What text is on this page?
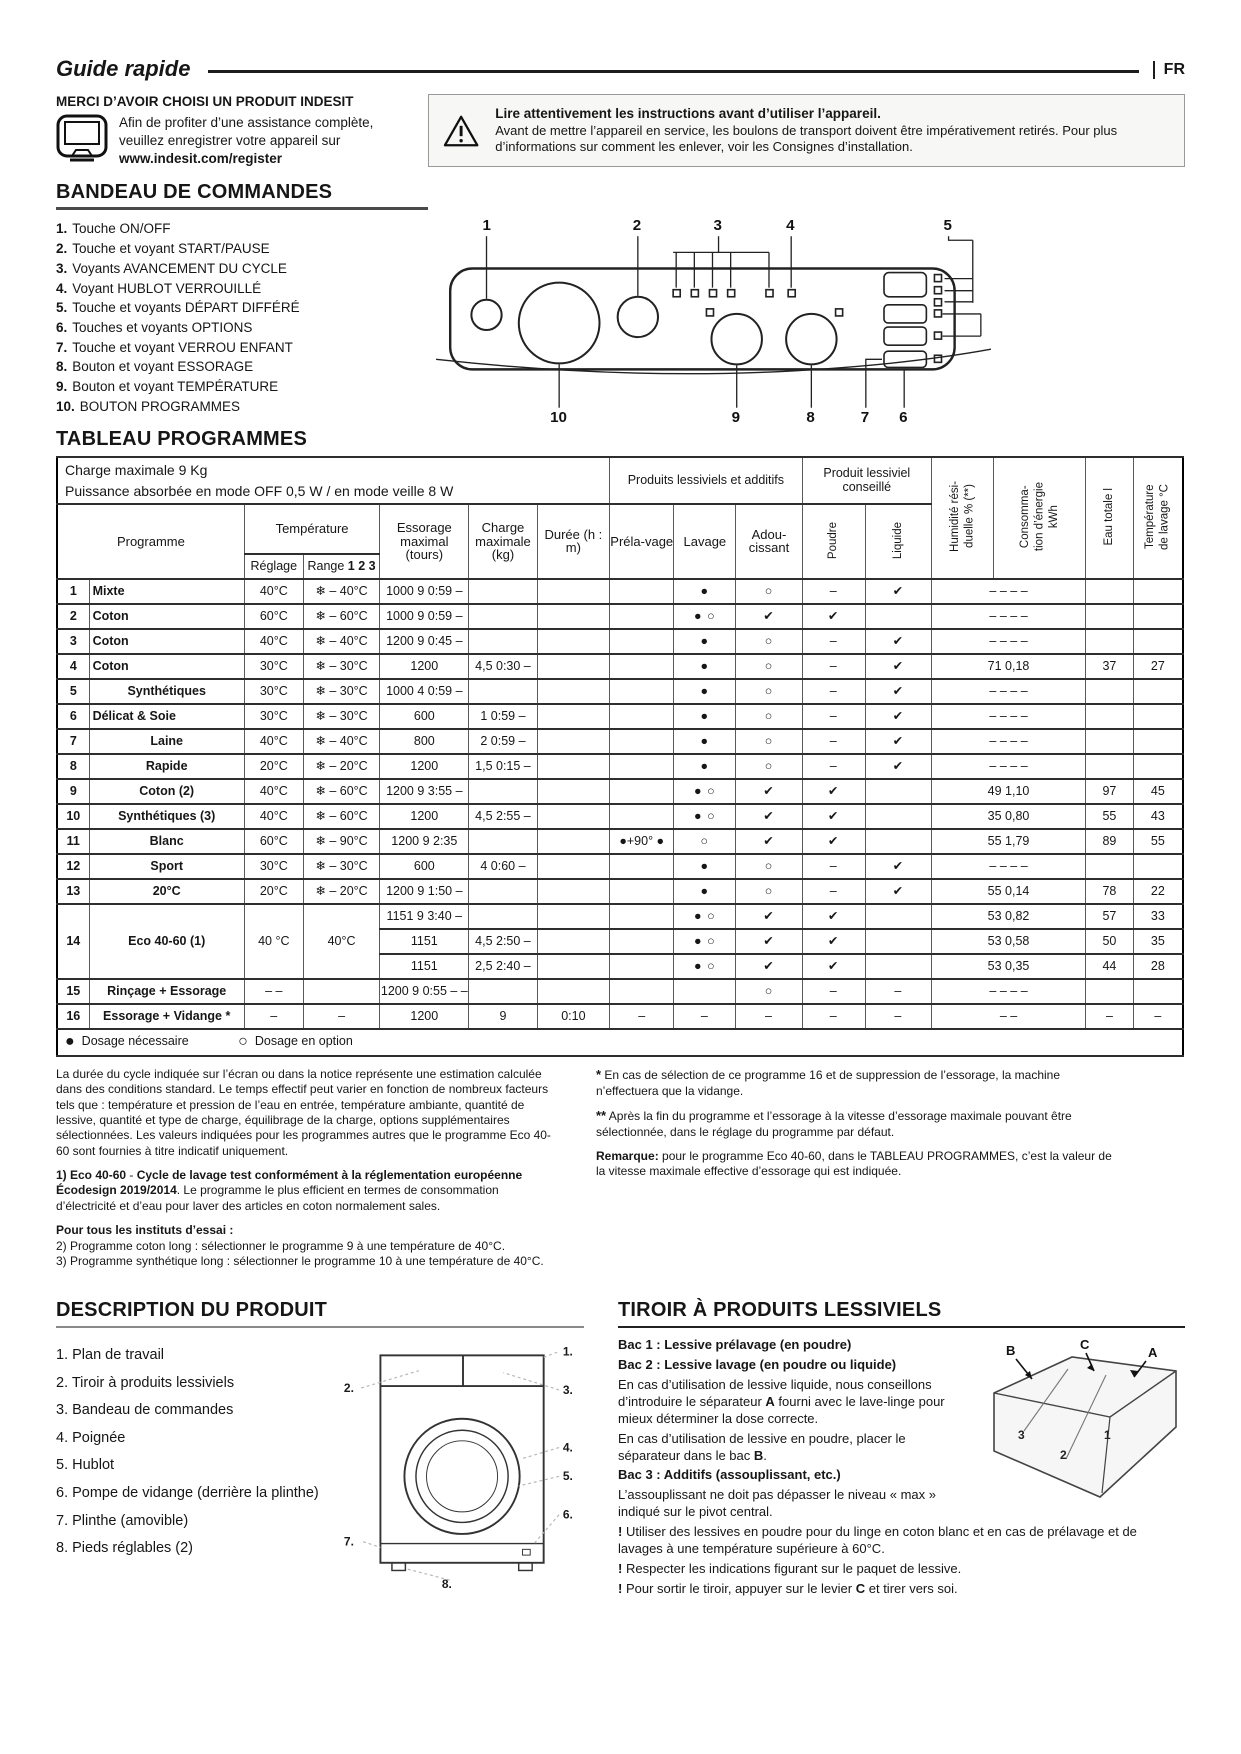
Guide rapide	FR
MERCI D’AVOIR CHOISI UN PRODUIT INDESIT
Afin de profiter d’une assistance complète,
veuillez enregistrer votre appareil sur
www.indesit.com/register
Lire attentivement les instructions avant d’utiliser l’appareil.
Avant de mettre l’appareil en service, les boulons de transport doivent être impérativement retirés. Pour plus d’informations sur comment les enlever, voir les Consignes d’installation.
BANDEAU DE COMMANDES
1. Touche ON/OFF
2. Touche et voyant START/PAUSE
3. Voyants AVANCEMENT DU CYCLE
4. Voyant HUBLOT VERROUILLÉ
5. Touche et voyants DÉPART DIFFÉRÉ
6. Touches et voyants OPTIONS
7. Touche et voyant VERROU ENFANT
8. Bouton et voyant ESSORAGE
9. Bouton et voyant TEMPÉRATURE
10. BOUTON PROGRAMMES
1	2	3	4	5
10	9	8	7 6
TABLEAU PROGRAMMES
Charge maximale 9 Kg
Puissance absorbée en mode OFF 0,5 W / en mode veille 8 W
	Produits lessiviels et additifs	Produit lessiviel conseillé	Humidité rési- duelle % (**)	Consomma- tion d’énergie kWh	Eau totale l	Température de lavage °C

Programme		Température		Essorage maximal (tours)	Charge maximale (kg)	Durée (h : m)	Préla-vage	Lavage	Adou-cissant	Poudre	Liquide				

		Réglage	Range 1 2 3												
1	Mixte	40°C	❄ – 40°C	1000 9 0:59 –				●	○	–	✔	– – – –			
2	Coton	60°C	❄ – 60°C	1000 9 0:59 –				● ○	✔	✔		– – – –			
3	Coton	40°C	❄ – 40°C	1200 9 0:45 –				●	○	–	✔	– – – –			
4	Coton	30°C	❄ – 30°C	1200	4,5 0:30 –			●	○	–	✔	71 0,18		37	27
5	Synthétiques	30°C	❄ – 30°C	1000 4 0:59 –				●	○	–	✔	– – – –			
6	Délicat & Soie	30°C	❄ – 30°C	600	1 0:59 –			●	○	–	✔	– – – –			
7	Laine	40°C	❄ – 40°C	800	2 0:59 –			●	○	–	✔	– – – –			
8	Rapide	20°C	❄ – 20°C	1200	1,5 0:15 –			●	○	–	✔	– – – –			
9	Coton (2)	40°C	❄ – 60°C	1200 9 3:55 –				● ○	✔	✔		49 1,10		97	45
10	Synthétiques (3)	40°C	❄ – 60°C	1200	4,5 2:55 –			● ○	✔	✔		35 0,80		55	43
11	Blanc	60°C	❄ – 90°C	1200 9 2:35			●+90° ●	○	✔	✔		55 1,79		89	55
12	Sport	30°C	❄ – 30°C	600	4 0:60 –			●	○	–	✔	– – – –			
13	20°C	20°C	❄ – 20°C	1200 9 1:50 –				●	○	–	✔	55 0,14		78	22
14	Eco 40-60 (1)	40 °C	40°C	1151 9 3:40 –				● ○	✔	✔		53 0,82		57	33
				1151	4,5 2:50 –			● ○	✔	✔		53 0,58		50	35
				1151	2,5 2:40 –			● ○	✔	✔		53 0,35		44	28
15	Rinçage + Essorage	– –		1200 9 0:55 – –					○	–	–	– – – –			
16	Essorage + Vidange *	–	–	1200	9	0:10	–	–	–	–	–	– –		–	–
● Dosage nécessaire ○ Dosage en option															

La durée du cycle indiquée sur l’écran ou dans la notice représente une estimation calculée dans des conditions standard. Le temps effectif peut varier en fonction de nombreux facteurs tels que : température et pression de l’eau en entrée, température ambiante, quantité de lessive, quantité et type de charge, équilibrage de la charge, options supplémentaires sélectionnées. Les valeurs indiquées pour les programmes autres que le programme Eco 40-60 sont fournies à titre indicatif uniquement.

1) Eco 40-60 - Cycle de lavage test conformément à la réglementation européenne Écodesign 2019/2014. Le programme le plus efficient en termes de consommation d’électricité et d’eau pour laver des articles en coton normalement sales.

Pour tous les instituts d’essai :

2) Programme coton long : sélectionner le programme 9 à une température de 40°C.

3) Programme synthétique long : sélectionner le programme 10 à une température de 40°C.

* En cas de sélection de ce programme 16 et de suppression de l’essorage, la machine n’effectuera que la vidange.

** Après la fin du programme et l’essorage à la vitesse d’essorage maximale pouvant être sélectionnée, dans le réglage du programme par défaut.

Remarque: pour le programme Eco 40-60, dans le TABLEAU PROGRAMMES, c’est la valeur de la vitesse maximale effective d’essorage qui est indiquée.

DESCRIPTION DU PRODUIT
1. Plan de travail
2. Tiroir à produits lessiviels
3. Bandeau de commandes
4. Poignée
5. Hublot
6. Pompe de vidange (derrière la plinthe)
7. Plinthe (amovible)
8. Pieds réglables (2)
1.
2.	3.
4.
5.
6.
7.
8.
TIROIR À PRODUITS LESSIVIELS
B	C
A
3
2
1

Bac 1 : Lessive prélavage (en poudre)

Bac 2 : Lessive lavage (en poudre ou liquide)

En cas d’utilisation de lessive liquide, nous conseillons d’introduire le séparateur A fourni avec le lave-linge pour mieux déterminer la dose correcte.

En cas d’utilisation de lessive en poudre, placer le séparateur dans le bac B.

Bac 3 : Additifs (assouplissant, etc.)

L’assouplissant ne doit pas dépasser le niveau « max » indiqué sur le pivot central.

! Utiliser des lessives en poudre pour du linge en coton blanc et en cas de prélavage et de lavages à une température supérieure à 60°C.

! Respecter les indications figurant sur le paquet de lessive.

! Pour sortir le tiroir, appuyer sur le levier C et tirer vers soi.
